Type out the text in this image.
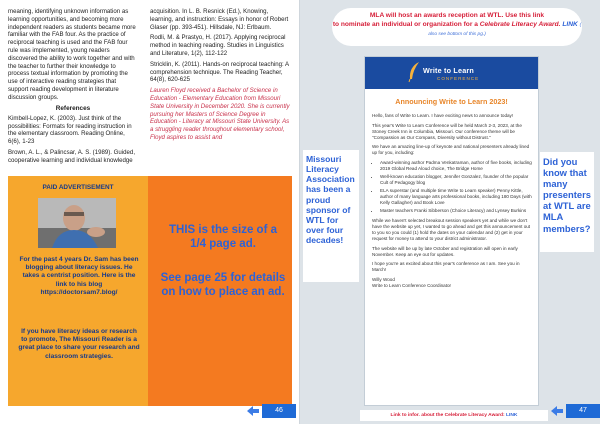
meaning, identifying unknown information as learning opportunities, and becoming more independent readers as students became more familiar with the FAB four. As the practice of reciprocal teaching is used and the FAB four rule was implemented, young readers discovered the ability to work together and with the teacher to further their knowledge to process textual information by promoting the use of interactive reading strategies that support reading development in literature discussion groups.

References

Kimbell-Lopez, K. (2003). Just think of the possibilities: Formats for reading instruction in the elementary classroom. Reading Online, 6(6), 1-23

Brown, A. L., & Palincsar, A. S. (1989). Guided, cooperative learning and individual knowledge

acquisition. In L. B. Resnick (Ed.), Knowing, learning, and instruction: Essays in honor of Robert Glaser (pp. 393-451). Hillsdale, NJ: Erlbaum.

Rodli, M. & Prastyo, H. (2017). Applying reciprocal method in teaching reading. Studies in Linguistics and Literature, 1(2), 112-122

Stricklin, K. (2011). Hands-on reciprocal teaching: A comprehension technique. The Reading Teacher, 64(8), 620-625

Lauren Floyd received a Bachelor of Science in Education - Elementary Education from Missouri State University in December 2020. She is currently pursuing her Masters of Science Degree in Education - Literacy at Missouri State University. As a struggling reader throughout elementary school, Floyd aspires to assist and

PAID ADVERTISEMENT
For the past 4 years Dr. Sam has been blogging about literacy issues. He takes a centrist position. Here is the link to his blog https://doctorsam7.blog/
If you have literacy ideas or research to promote, The Missouri Reader is a great place to share your research and classroom strategies.
THIS is the size of a 1/4 page ad.
See page 25 for details on how to place an ad.
46
MLA will host an awards reception at WTL. Use this link
to nominate an individual or organization for a Celebrate Literacy Award. LINK ( also see bottom of this pg.)
Write to Learn
CONFERENCE
Announcing Write to Learn 2023!

Hello, fans of Write to Learn. I have exciting news to announce today!

This year's Write to Learn Conference will be held March 2-3, 2023, at the Stoney Creek Inn in Columbia, Missouri. Our conference theme will be "Compassion as Our Compass, Diversity without Distrust."

We have an amazing line-up of keynote and national presenters already lined up for you, including:

• Award-winning author Padma Venkatraman, author of five books, including 2019 Global Read Aloud choice, The Bridge Home
• Well-known education blogger, Jennifer Gonzalez, founder of the popular Cult of Pedagogy blog
• ELA superstar (and multiple time Write to Learn speaker) Penny Kittle, author of many language arts professional books, including 180 Days (with Kelly Gallagher) and Book Love
• Master teachers Franki Sibberson (Choice Literacy) and Lynsey Burkins

While we haven't selected breakout session speakers yet and while we don't have the website up yet, I wanted to go ahead and get this announcement out to you so you could (1) hold the dates on your calendar and (2) get in your request for money to attend to your district administrator.

The website will be up by late October and registration will open in early November. Keep an eye out for updates.

I hope you're as excited about this year's conference as I am. See you in March!

Willy Wood

Write to Learn Conference Coordinator

Missouri Literacy Association has been a proud sponsor of WTL for over four decades!
Did you know that many presenters at WTL are MLA members?
Link to infor. about the Celebrate Literacy Award: LINK
47
